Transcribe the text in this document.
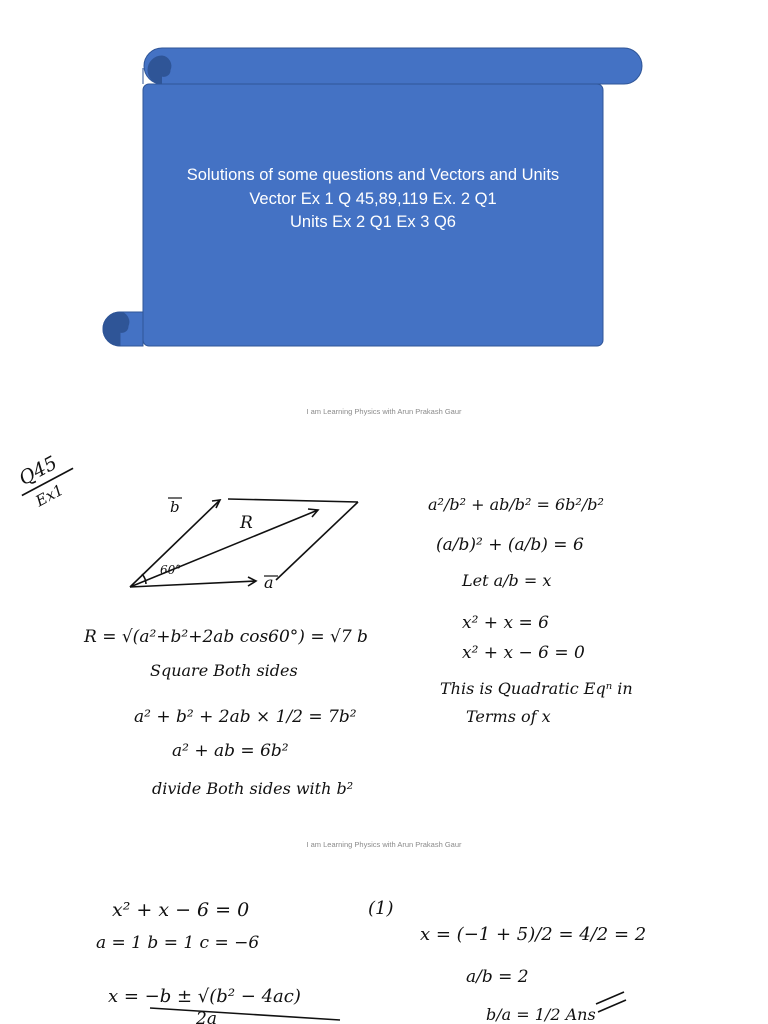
Solutions of some questions and Vectors and Units
Vector Ex 1 Q 45,89,119 Ex. 2 Q1
Units Ex 2 Q1 Ex 3 Q6
I am Learning Physics with Arun Prakash Gaur
Q45
Ex1	b
R
a
60°
R = √(a²+b²+2ab cos60°) = √7 b
Square Both sides
a² + b² + 2ab × 1/2 = 7b²
a² + ab = 6b²
divide Both sides with b²
a²/b² + ab/b² = 6b²/b²
(a/b)² + (a/b) = 6
Let a/b = x
x² + x = 6
x² + x − 6 = 0
This is Quadratic Eqⁿ in
Terms of x
I am Learning Physics with Arun Prakash Gaur
x² + x − 6 = 0
a = 1 b = 1 c = −6
x = −b ± √(b² − 4ac)
2a
(1)
x = (−1 + 5)/2 = 4/2 = 2
a/b = 2
b/a = 1/2 Ans
